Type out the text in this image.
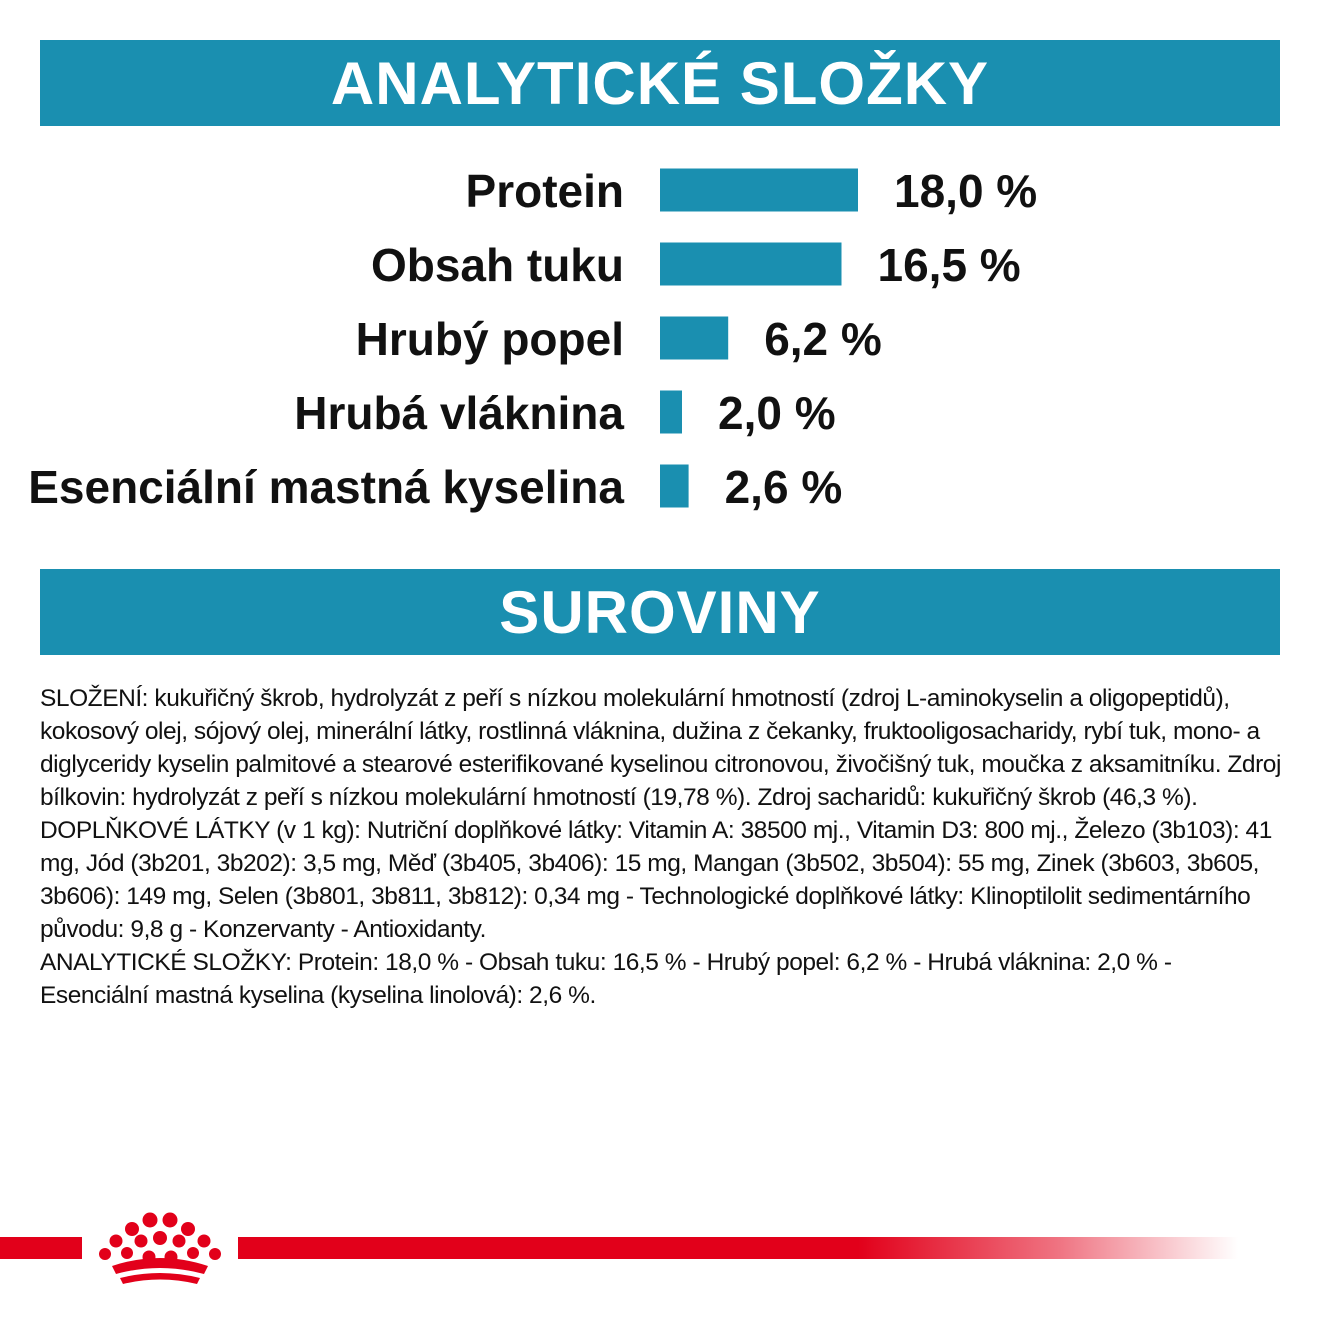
ANALYTICKÉ SLOŽKY
Protein	18,0 %
Obsah tuku	16,5 %
Hrubý popel	6,2 %
Hrubá vláknina 2,0 %
Esenciální mastná kyselina 2,6 %
SUROVINY

SLOŽENÍ: kukuřičný škrob, hydrolyzát z peří s nízkou molekulární hmotností (zdroj L-aminokyselin a oligopeptidů), kokosový olej, sójový olej, minerální látky, rostlinná vláknina, dužina z čekanky, fruktooligosacharidy, rybí tuk, mono- a diglyceridy kyselin palmitové a stearové esterifikované kyselinou citronovou, živočišný tuk, moučka z aksamitníku. Zdroj bílkovin: hydrolyzát z peří s nízkou molekulární hmotností (19,78 %). Zdroj sacharidů: kukuřičný škrob (46,3 %).

DOPLŇKOVÉ LÁTKY (v 1 kg): Nutriční doplňkové látky: Vitamin A: 38500 mj., Vitamin D3: 800 mj., Železo (3b103): 41 mg, Jód (3b201, 3b202): 3,5 mg, Měď (3b405, 3b406): 15 mg, Mangan (3b502, 3b504): 55 mg, Zinek (3b603, 3b605, 3b606): 149 mg, Selen (3b801, 3b811, 3b812): 0,34 mg - Technologické doplňkové látky: Klinoptilolit sedimentárního původu: 9,8 g - Konzervanty - Antioxidanty.

ANALYTICKÉ SLOŽKY: Protein: 18,0 % - Obsah tuku: 16,5 % - Hrubý popel: 6,2 % - Hrubá vláknina: 2,0 % - Esenciální mastná kyselina (kyselina linolová): 2,6 %.
